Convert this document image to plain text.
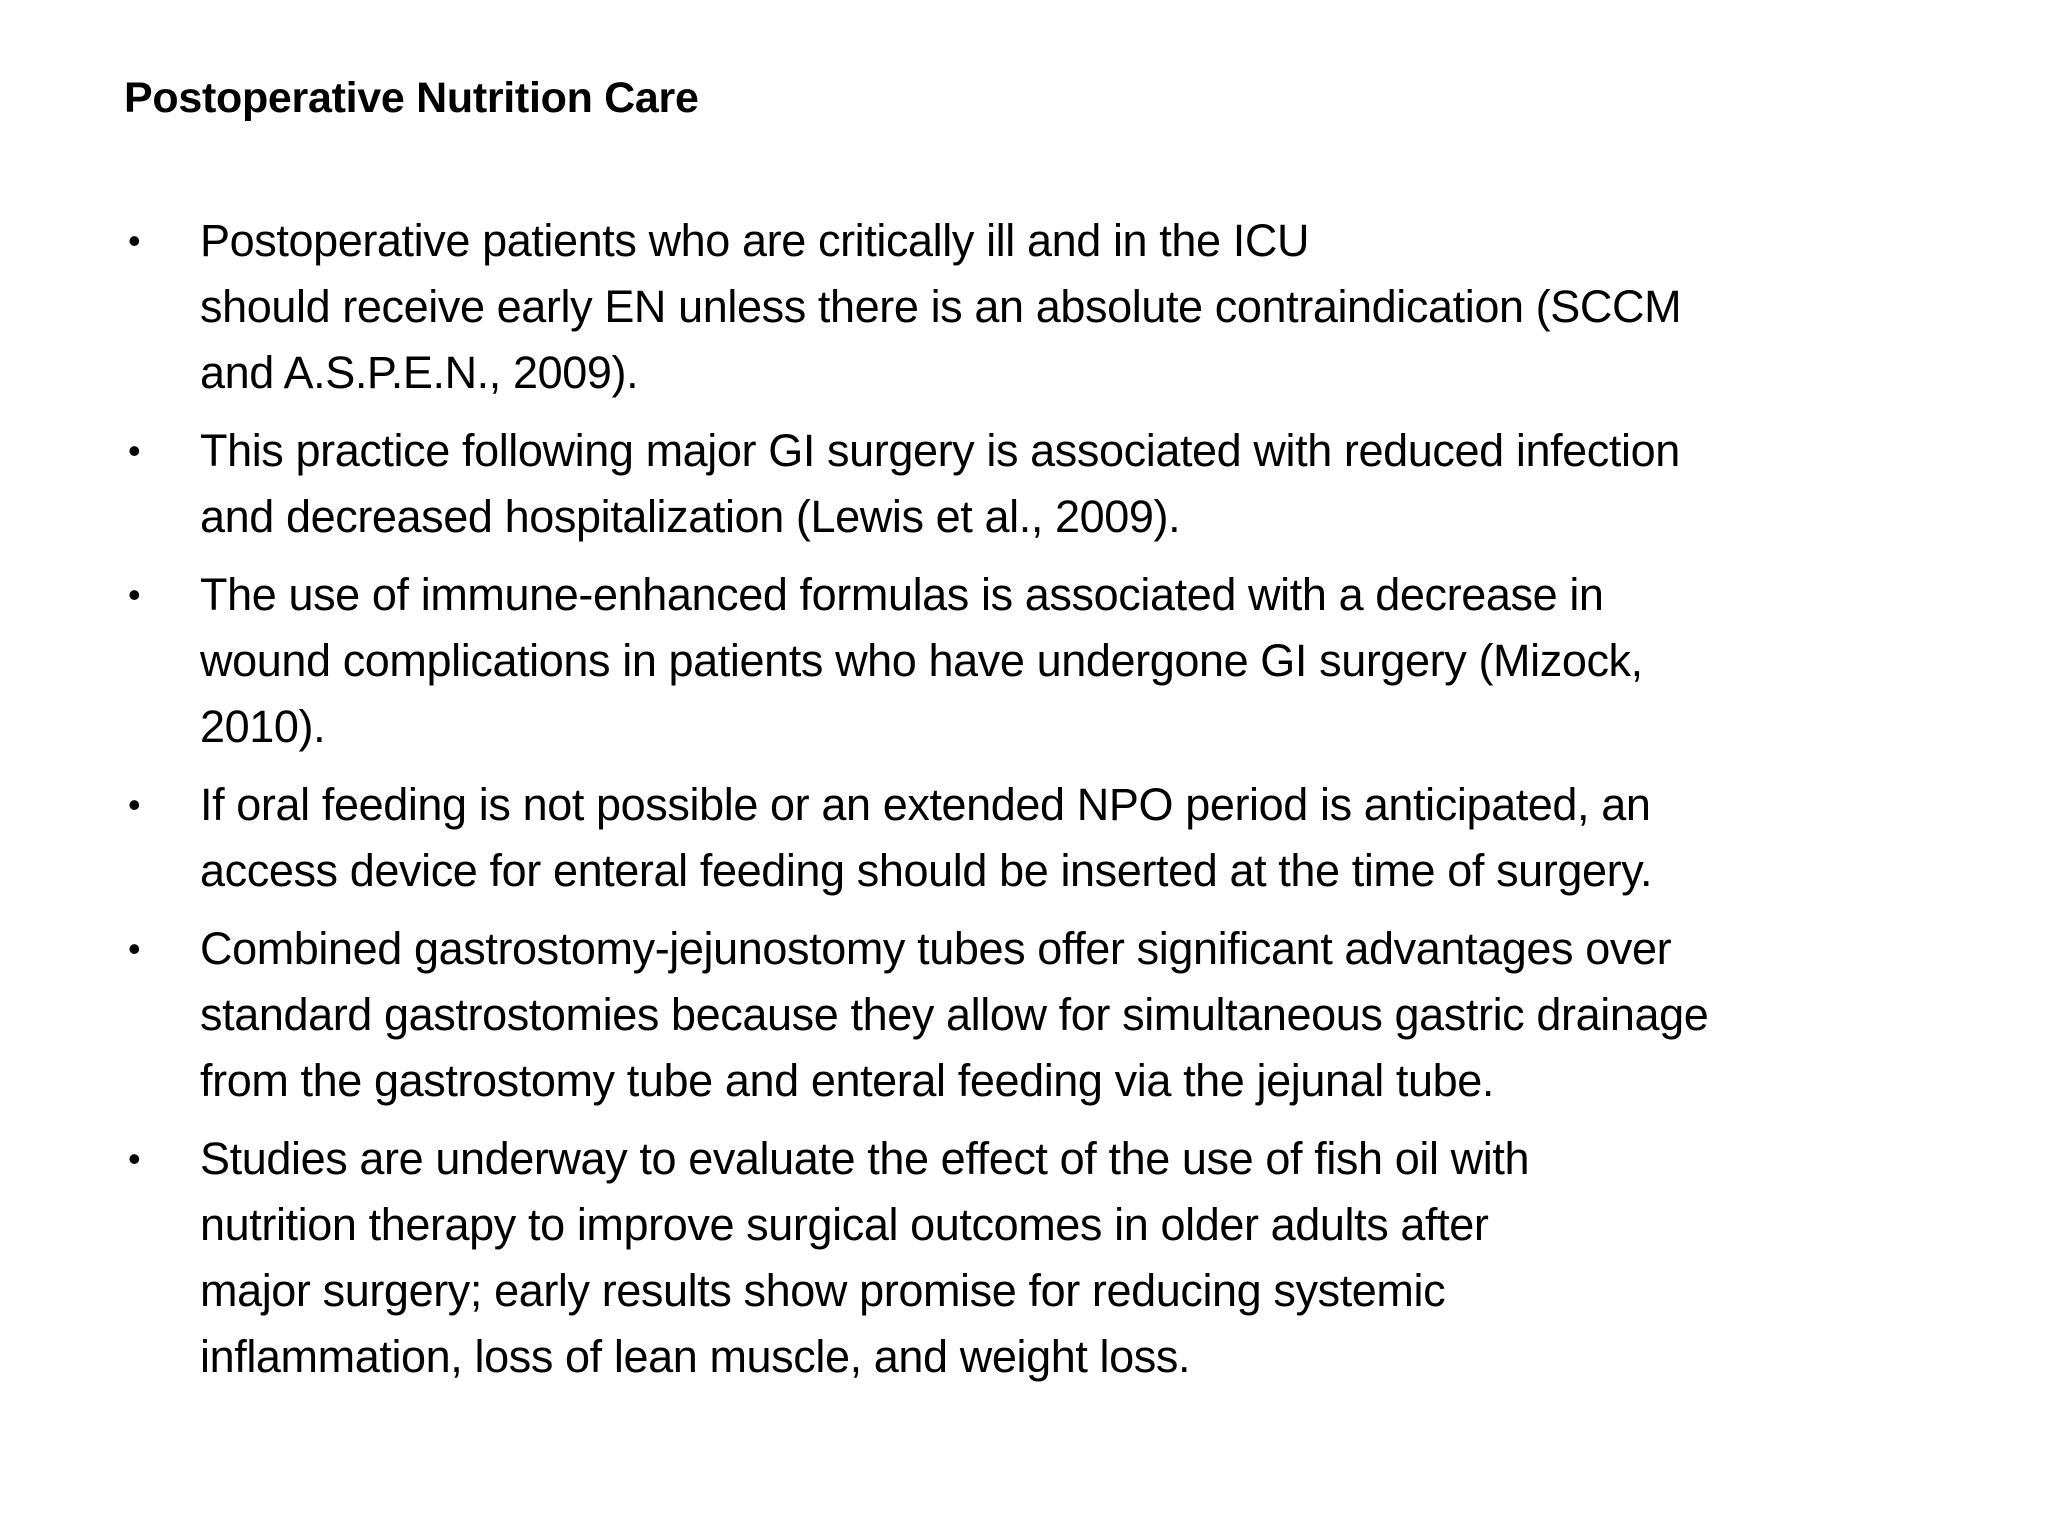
Postoperative Nutrition Care
• Postoperative patients who are critically ill and in the ICU
should receive early EN unless there is an absolute contraindication (SCCM
and A.S.P.E.N., 2009).
• This practice following major GI surgery is associated with reduced infection
and decreased hospitalization (Lewis et al., 2009).
• The use of immune-enhanced formulas is associated with a decrease in
wound complications in patients who have undergone GI surgery (Mizock,
2010).
• If oral feeding is not possible or an extended NPO period is anticipated, an
access device for enteral feeding should be inserted at the time of surgery.
• Combined gastrostomy-jejunostomy tubes offer significant advantages over
standard gastrostomies because they allow for simultaneous gastric drainage
from the gastrostomy tube and enteral feeding via the jejunal tube.
• Studies are underway to evaluate the effect of the use of fish oil with
nutrition therapy to improve surgical outcomes in older adults after
major surgery; early results show promise for reducing systemic
inflammation, loss of lean muscle, and weight loss.
